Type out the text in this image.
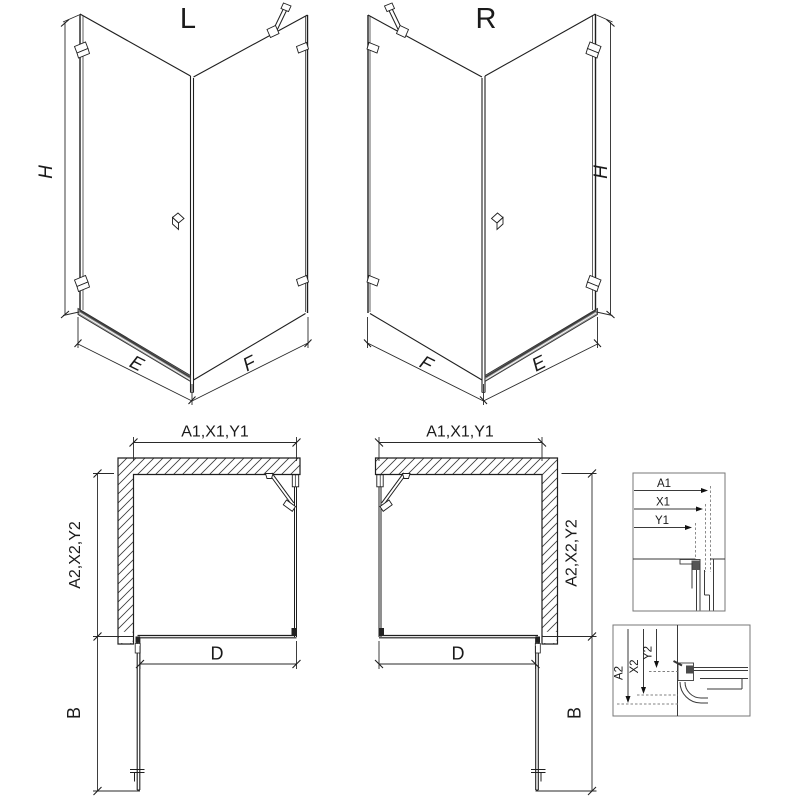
L
H
E	F
R
H
F	E
A1,X1,Y1
A2,X2,Y2
D
B
A1,X1,Y1
A2,X2,Y2
D
B
A1
X1
Y1
A2 X2
Y2
